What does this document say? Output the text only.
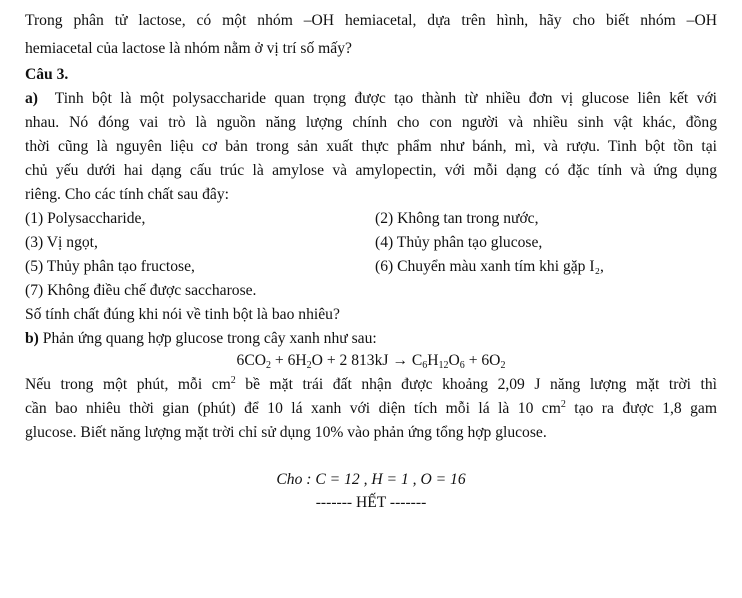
Trong phân tử lactose, có một nhóm –OH hemiacetal, dựa trên hình, hãy cho biết nhóm –OH
hemiacetal của lactose là nhóm nằm ở vị trí số mấy?
Câu 3.
a) Tinh bột là một polysaccharide quan trọng được tạo thành từ nhiều đơn vị glucose liên kết với
nhau. Nó đóng vai trò là nguồn năng lượng chính cho con người và nhiều sinh vật khác, đồng
thời cũng là nguyên liệu cơ bản trong sản xuất thực phẩm như bánh, mì, và rượu. Tinh bột tồn tại
chủ yếu dưới hai dạng cấu trúc là amylose và amylopectin, với mỗi dạng có đặc tính và ứng dụng
riêng. Cho các tính chất sau đây:
(1) Polysaccharide,	(2) Không tan trong nước,
(3) Vị ngọt,	(4) Thủy phân tạo glucose,
(5) Thủy phân tạo fructose,	(6) Chuyển màu xanh tím khi gặp I₂,
(7) Không điều chế được saccharose.
Số tính chất đúng khi nói về tinh bột là bao nhiêu?
b) Phản ứng quang hợp glucose trong cây xanh như sau:
$6CO_2 + 6H_2O + 2$ $813kJ \to C_6H_{12}O_6 + 6O_2$
Nếu trong một phút, mỗi $cm^2$ bề mặt trái đất nhận được khoảng 2,09 J năng lượng mặt trời thì
cần bao nhiêu thời gian (phút) để 10 lá xanh với diện tích mỗi lá là 10 $cm^2$ tạo ra được 1,8 gam
glucose. Biết năng lượng mặt trời chỉ sử dụng 10% vào phản ứng tổng hợp glucose.
Cho : C = 12 , H = 1 , O = 16
------- HẾT -------
